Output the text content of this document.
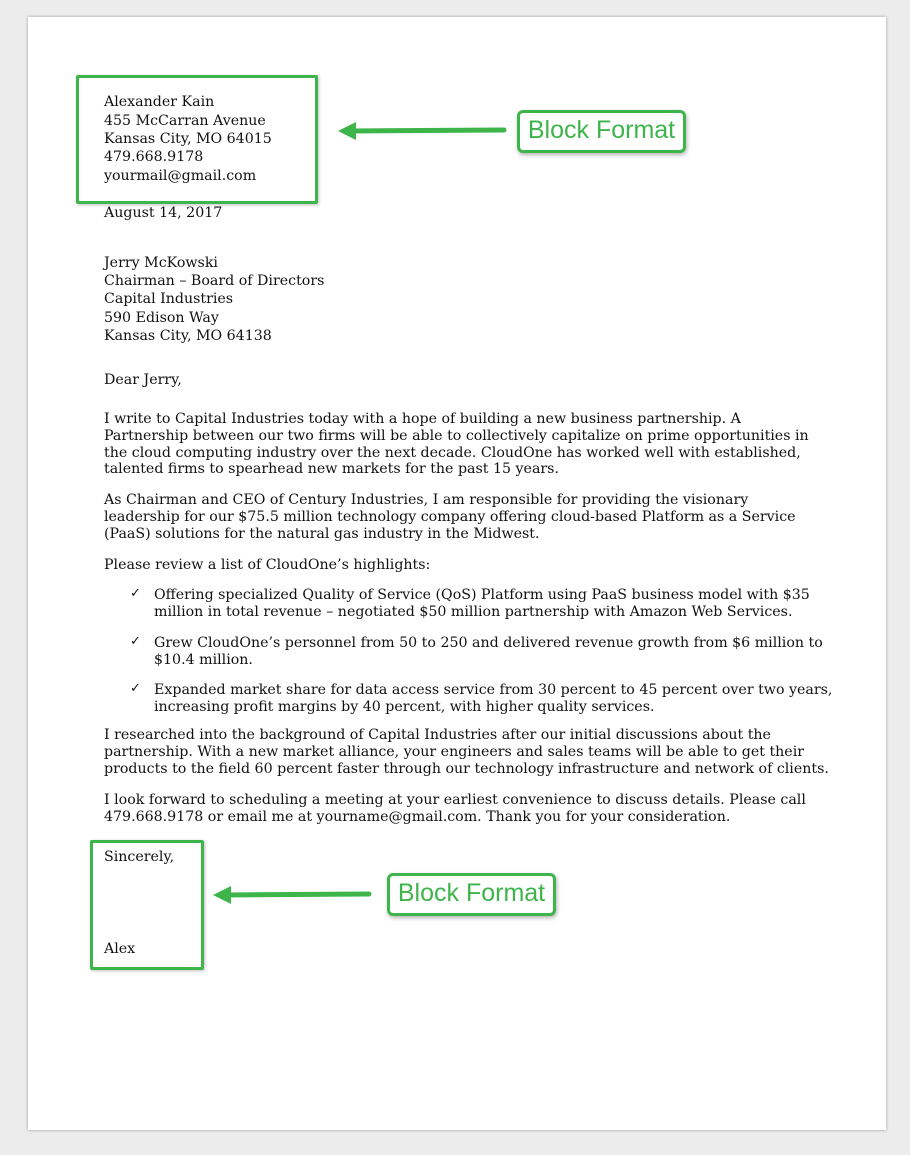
Alexander Kain
455 McCarran Avenue
Kansas City, MO 64015
479.668.9178
yourmail@gmail.com
Block Format
August 14, 2017
Jerry McKowski
Chairman – Board of Directors
Capital Industries
590 Edison Way
Kansas City, MO 64138
Dear Jerry,
I write to Capital Industries today with a hope of building a new business partnership. A
Partnership between our two firms will be able to collectively capitalize on prime opportunities in
the cloud computing industry over the next decade. CloudOne has worked well with established,
talented firms to spearhead new markets for the past 15 years.
As Chairman and CEO of Century Industries, I am responsible for providing the visionary
leadership for our $75.5 million technology company offering cloud-based Platform as a Service
(PaaS) solutions for the natural gas industry in the Midwest.
Please review a list of CloudOne’s highlights:
✓ Offering specialized Quality of Service (QoS) Platform using PaaS business model with $35
million in total revenue – negotiated $50 million partnership with Amazon Web Services.
✓ Grew CloudOne’s personnel from 50 to 250 and delivered revenue growth from $6 million to
$10.4 million.
✓ Expanded market share for data access service from 30 percent to 45 percent over two years,
increasing profit margins by 40 percent, with higher quality services.
I researched into the background of Capital Industries after our initial discussions about the
partnership. With a new market alliance, your engineers and sales teams will be able to get their
products to the field 60 percent faster through our technology infrastructure and network of clients.
I look forward to scheduling a meeting at your earliest convenience to discuss details. Please call
479.668.9178 or email me at yourname@gmail.com. Thank you for your consideration.
Sincerely,
Alex
Block Format
